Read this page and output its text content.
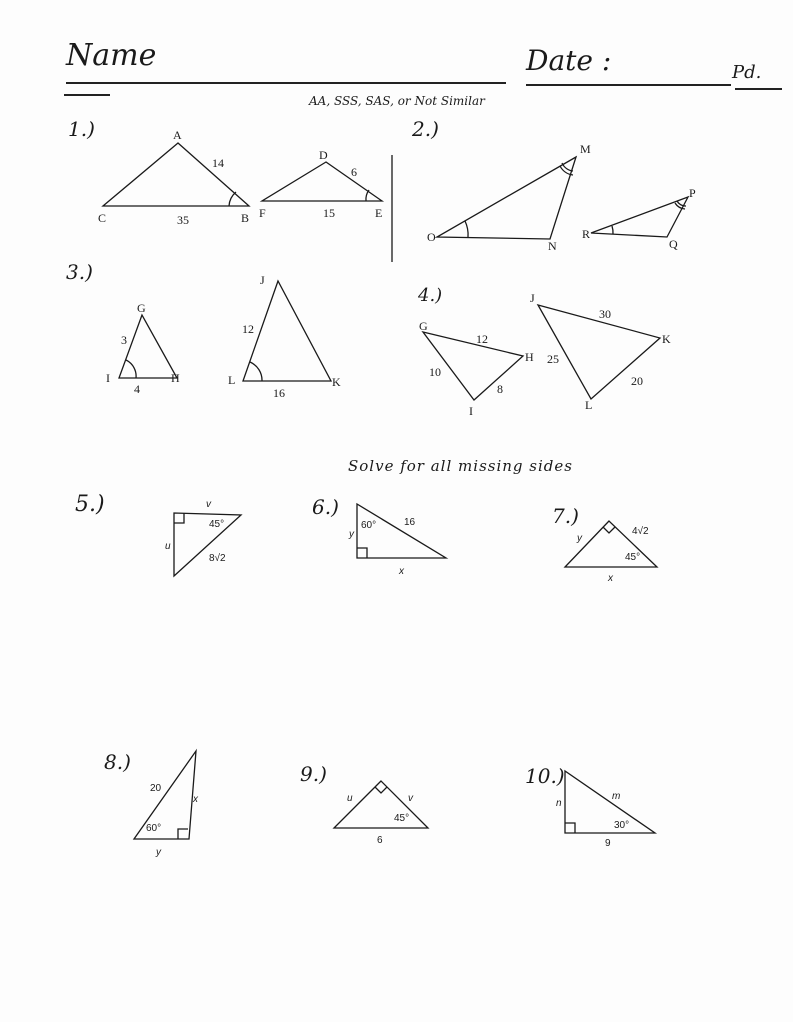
Name	Date :	Pd.
AA, SSS, SAS, or Not Similar
Solve for all missing sides
1.)	2.)
3.)
4.)
5.)	6.)	7.)
8.)	9.)	10.)
A
B
C
D
E
F
14
35
6
15
M
O
N
P
R
Q
G
I	H
J
L	K
3
4
12
16
G
H
I
J
K
L
12
10
8
30
25
20
v
u
45°
8√2
60°
y
16
x
y
4√2
45°
x
20
x
60°
y
u	v
45°
6
n
m
30°
9
